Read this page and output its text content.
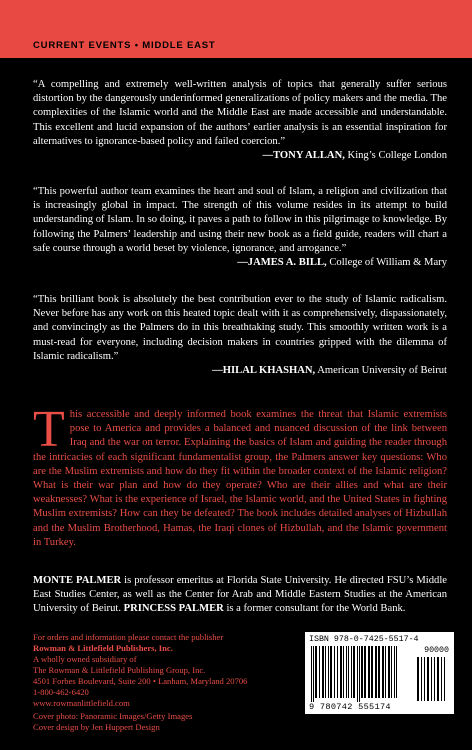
CURRENT EVENTS • MIDDLE EAST
“A compelling and extremely well-written analysis of topics that generally suffer serious distortion by the dangerously underinformed generalizations of policy makers and the media. The complexities of the Islamic world and the Middle East are made accessible and understandable. This excellent and lucid expansion of the authors’ earlier analysis is an essential inspiration for alternatives to ignorance-based policy and failed coercion.”
—TONY ALLAN, King’s College London
“This powerful author team examines the heart and soul of Islam, a religion and civilization that is increasingly global in impact. The strength of this volume resides in its attempt to build understanding of Islam. In so doing, it paves a path to follow in this pilgrimage to knowledge. By following the Palmers’ leadership and using their new book as a field guide, readers will chart a safe course through a world beset by violence, ignorance, and arrogance.”
—JAMES A. BILL, College of William & Mary
“This brilliant book is absolutely the best contribution ever to the study of Islamic radicalism. Never before has any work on this heated topic dealt with it as comprehensively, dispassionately, and convincingly as the Palmers do in this breathtaking study. This smoothly written work is a must-read for everyone, including decision makers in countries gripped with the dilemma of Islamic radicalism.”
—HILAL KHASHAN, American University of Beirut
T his accessible and deeply informed book examines the threat that Islamic extremists pose to America and provides a balanced and nuanced discussion of the link between Iraq and the war on terror. Explaining the basics of Islam and guiding the reader through the intricacies of each significant fundamentalist group, the Palmers answer key questions: Who are the Muslim extremists and how do they fit within the broader context of the Islamic religion? What is their war plan and how do they operate? Who are their allies and what are their weaknesses? What is the experience of Israel, the Islamic world, and the United States in fighting Muslim extremists? How can they be defeated? The book includes detailed analyses of Hizbullah and the Muslim Brotherhood, Hamas, the Iraqi clones of Hizbullah, and the Islamic government in Turkey.
MONTE PALMER is professor emeritus at Florida State University. He directed FSU’s Middle East Studies Center, as well as the Center for Arab and Middle Eastern Studies at the American University of Beirut. PRINCESS PALMER is a former consultant for the World Bank.
For orders and information please contact the publisher
Rowman & Littlefield Publishers, Inc.
A wholly owned subsidiary of
The Rowman & Littlefield Publishing Group, Inc.
4501 Forbes Boulevard, Suite 200 • Lanham, Maryland 20706
1-800-462-6420
www.rowmanlittlefield.com
Cover photo: Panoramic Images/Getty Images
Cover design by Jen Huppert Design
ISBN 978-0-7425-5517-4
90000
9 780742 555174
